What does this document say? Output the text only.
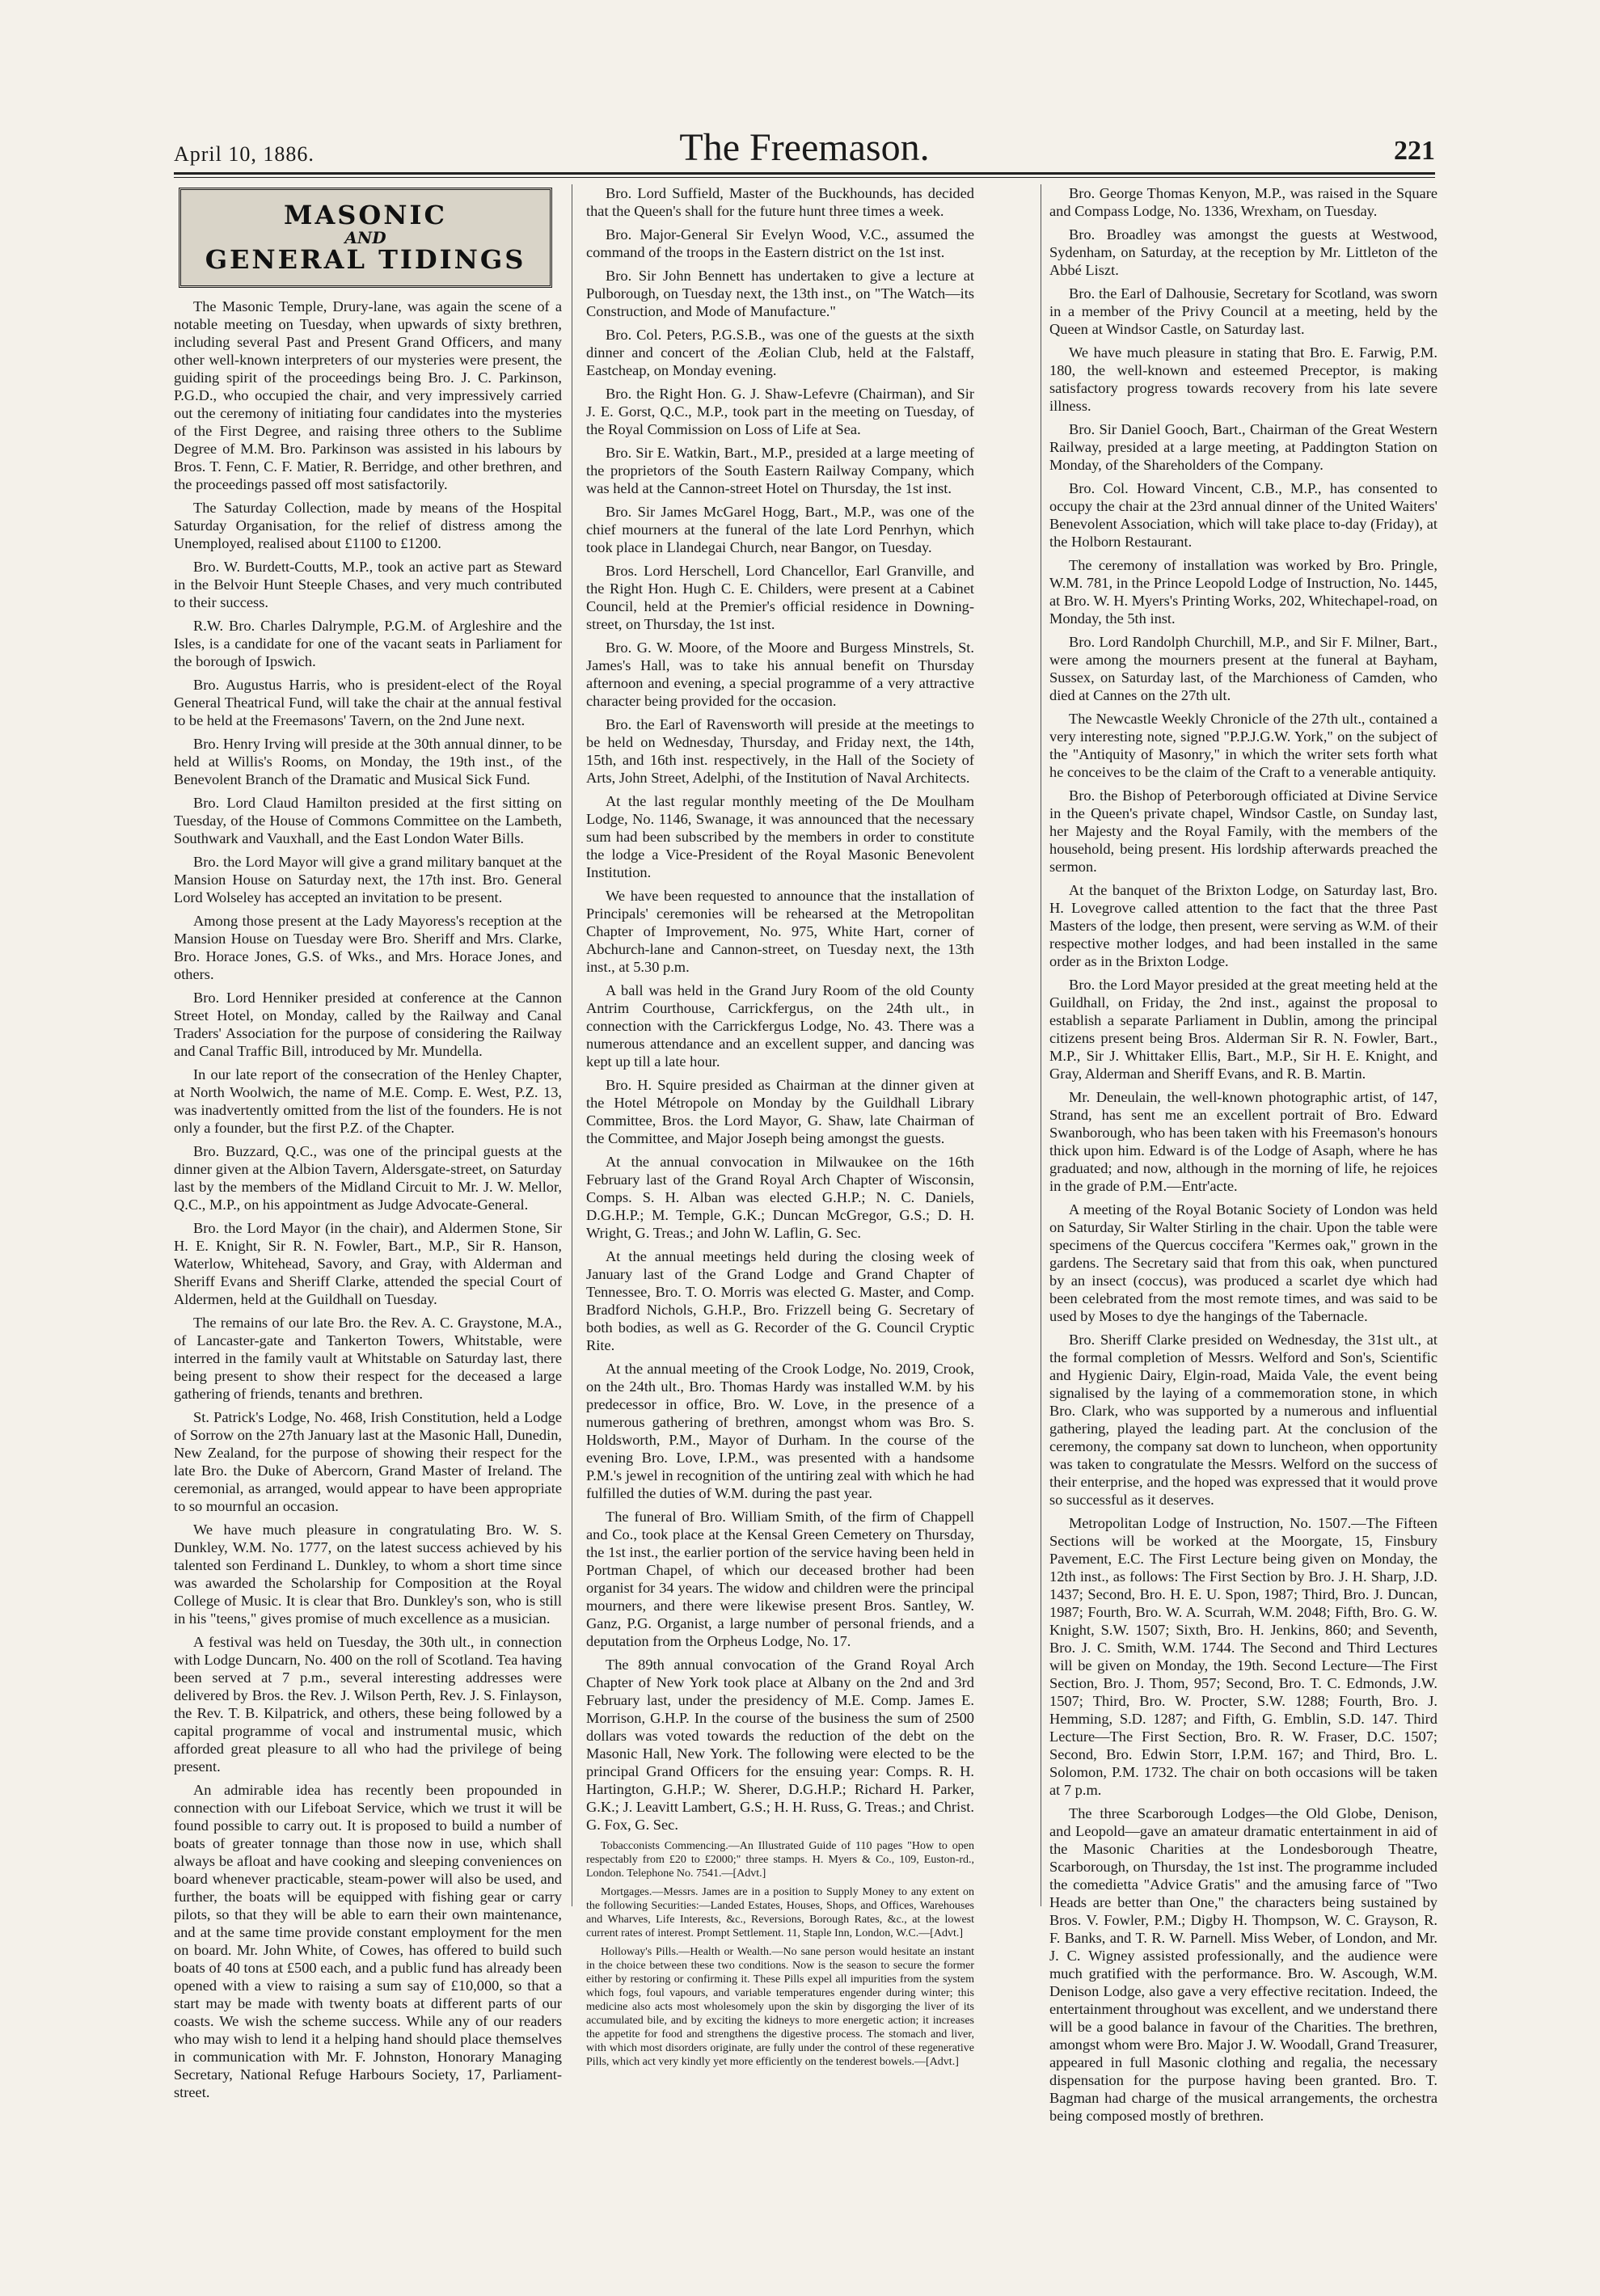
April 10, 1886.	The Freemason.	221
MASONIC
AND
GENERAL TIDINGS

The Masonic Temple, Drury-lane, was again the scene of a notable meeting on Tuesday, when upwards of sixty brethren, including several Past and Present Grand Officers, and many other well-known interpreters of our mysteries were present, the guiding spirit of the proceedings being Bro. J. C. Parkinson, P.G.D., who occupied the chair, and very impressively carried out the ceremony of initiating four candidates into the mysteries of the First Degree, and raising three others to the Sublime Degree of M.M. Bro. Parkinson was assisted in his labours by Bros. T. Fenn, C. F. Matier, R. Berridge, and other brethren, and the proceedings passed off most satisfactorily.

The Saturday Collection, made by means of the Hospital Saturday Organisation, for the relief of distress among the Unemployed, realised about £1100 to £1200.

Bro. W. Burdett-Coutts, M.P., took an active part as Steward in the Belvoir Hunt Steeple Chases, and very much contributed to their success.

R.W. Bro. Charles Dalrymple, P.G.M. of Argleshire and the Isles, is a candidate for one of the vacant seats in Parliament for the borough of Ipswich.

Bro. Augustus Harris, who is president-elect of the Royal General Theatrical Fund, will take the chair at the annual festival to be held at the Freemasons' Tavern, on the 2nd June next.

Bro. Henry Irving will preside at the 30th annual dinner, to be held at Willis's Rooms, on Monday, the 19th inst., of the Benevolent Branch of the Dramatic and Musical Sick Fund.

Bro. Lord Claud Hamilton presided at the first sitting on Tuesday, of the House of Commons Committee on the Lambeth, Southwark and Vauxhall, and the East London Water Bills.

Bro. the Lord Mayor will give a grand military banquet at the Mansion House on Saturday next, the 17th inst. Bro. General Lord Wolseley has accepted an invitation to be present.

Among those present at the Lady Mayoress's reception at the Mansion House on Tuesday were Bro. Sheriff and Mrs. Clarke, Bro. Horace Jones, G.S. of Wks., and Mrs. Horace Jones, and others.

Bro. Lord Henniker presided at conference at the Cannon Street Hotel, on Monday, called by the Railway and Canal Traders' Association for the purpose of considering the Railway and Canal Traffic Bill, introduced by Mr. Mundella.

In our late report of the consecration of the Henley Chapter, at North Woolwich, the name of M.E. Comp. E. West, P.Z. 13, was inadvertently omitted from the list of the founders. He is not only a founder, but the first P.Z. of the Chapter.

Bro. Buzzard, Q.C., was one of the principal guests at the dinner given at the Albion Tavern, Aldersgate-street, on Saturday last by the members of the Midland Circuit to Mr. J. W. Mellor, Q.C., M.P., on his appointment as Judge Advocate-General.

Bro. the Lord Mayor (in the chair), and Aldermen Stone, Sir H. E. Knight, Sir R. N. Fowler, Bart., M.P., Sir R. Hanson, Waterlow, Whitehead, Savory, and Gray, with Alderman and Sheriff Evans and Sheriff Clarke, attended the special Court of Aldermen, held at the Guildhall on Tuesday.

The remains of our late Bro. the Rev. A. C. Graystone, M.A., of Lancaster-gate and Tankerton Towers, Whitstable, were interred in the family vault at Whitstable on Saturday last, there being present to show their respect for the deceased a large gathering of friends, tenants and brethren.

St. Patrick's Lodge, No. 468, Irish Constitution, held a Lodge of Sorrow on the 27th January last at the Masonic Hall, Dunedin, New Zealand, for the purpose of showing their respect for the late Bro. the Duke of Abercorn, Grand Master of Ireland. The ceremonial, as arranged, would appear to have been appropriate to so mournful an occasion.

We have much pleasure in congratulating Bro. W. S. Dunkley, W.M. No. 1777, on the latest success achieved by his talented son Ferdinand L. Dunkley, to whom a short time since was awarded the Scholarship for Composition at the Royal College of Music. It is clear that Bro. Dunkley's son, who is still in his "teens," gives promise of much excellence as a musician.

A festival was held on Tuesday, the 30th ult., in connection with Lodge Duncarn, No. 400 on the roll of Scotland. Tea having been served at 7 p.m., several interesting addresses were delivered by Bros. the Rev. J. Wilson Perth, Rev. J. S. Finlayson, the Rev. T. B. Kilpatrick, and others, these being followed by a capital programme of vocal and instrumental music, which afforded great pleasure to all who had the privilege of being present.

An admirable idea has recently been propounded in connection with our Lifeboat Service, which we trust it will be found possible to carry out. It is proposed to build a number of boats of greater tonnage than those now in use, which shall always be afloat and have cooking and sleeping conveniences on board whenever practicable, steam-power will also be used, and further, the boats will be equipped with fishing gear or carry pilots, so that they will be able to earn their own maintenance, and at the same time provide constant employment for the men on board. Mr. John White, of Cowes, has offered to build such boats of 40 tons at £500 each, and a public fund has already been opened with a view to raising a sum say of £10,000, so that a start may be made with twenty boats at different parts of our coasts. We wish the scheme success. While any of our readers who may wish to lend it a helping hand should place themselves in communication with Mr. F. Johnston, Honorary Managing Secretary, National Refuge Harbours Society, 17, Parliament-street.

Bro. Lord Suffield, Master of the Buckhounds, has decided that the Queen's shall for the future hunt three times a week.

Bro. Major-General Sir Evelyn Wood, V.C., assumed the command of the troops in the Eastern district on the 1st inst.

Bro. Sir John Bennett has undertaken to give a lecture at Pulborough, on Tuesday next, the 13th inst., on "The Watch—its Construction, and Mode of Manufacture."

Bro. Col. Peters, P.G.S.B., was one of the guests at the sixth dinner and concert of the Æolian Club, held at the Falstaff, Eastcheap, on Monday evening.

Bro. the Right Hon. G. J. Shaw-Lefevre (Chairman), and Sir J. E. Gorst, Q.C., M.P., took part in the meeting on Tuesday, of the Royal Commission on Loss of Life at Sea.

Bro. Sir E. Watkin, Bart., M.P., presided at a large meeting of the proprietors of the South Eastern Railway Company, which was held at the Cannon-street Hotel on Thursday, the 1st inst.

Bro. Sir James McGarel Hogg, Bart., M.P., was one of the chief mourners at the funeral of the late Lord Penrhyn, which took place in Llandegai Church, near Bangor, on Tuesday.

Bros. Lord Herschell, Lord Chancellor, Earl Granville, and the Right Hon. Hugh C. E. Childers, were present at a Cabinet Council, held at the Premier's official residence in Downing-street, on Thursday, the 1st inst.

Bro. G. W. Moore, of the Moore and Burgess Minstrels, St. James's Hall, was to take his annual benefit on Thursday afternoon and evening, a special programme of a very attractive character being provided for the occasion.

Bro. the Earl of Ravensworth will preside at the meetings to be held on Wednesday, Thursday, and Friday next, the 14th, 15th, and 16th inst. respectively, in the Hall of the Society of Arts, John Street, Adelphi, of the Institution of Naval Architects.

At the last regular monthly meeting of the De Moulham Lodge, No. 1146, Swanage, it was announced that the necessary sum had been subscribed by the members in order to constitute the lodge a Vice-President of the Royal Masonic Benevolent Institution.

We have been requested to announce that the installation of Principals' ceremonies will be rehearsed at the Metropolitan Chapter of Improvement, No. 975, White Hart, corner of Abchurch-lane and Cannon-street, on Tuesday next, the 13th inst., at 5.30 p.m.

A ball was held in the Grand Jury Room of the old County Antrim Courthouse, Carrickfergus, on the 24th ult., in connection with the Carrickfergus Lodge, No. 43. There was a numerous attendance and an excellent supper, and dancing was kept up till a late hour.

Bro. H. Squire presided as Chairman at the dinner given at the Hotel Métropole on Monday by the Guildhall Library Committee, Bros. the Lord Mayor, G. Shaw, late Chairman of the Committee, and Major Joseph being amongst the guests.

At the annual convocation in Milwaukee on the 16th February last of the Grand Royal Arch Chapter of Wisconsin, Comps. S. H. Alban was elected G.H.P.; N. C. Daniels, D.G.H.P.; M. Temple, G.K.; Duncan McGregor, G.S.; D. H. Wright, G. Treas.; and John W. Laflin, G. Sec.

At the annual meetings held during the closing week of January last of the Grand Lodge and Grand Chapter of Tennessee, Bro. T. O. Morris was elected G. Master, and Comp. Bradford Nichols, G.H.P., Bro. Frizzell being G. Secretary of both bodies, as well as G. Recorder of the G. Council Cryptic Rite.

At the annual meeting of the Crook Lodge, No. 2019, Crook, on the 24th ult., Bro. Thomas Hardy was installed W.M. by his predecessor in office, Bro. W. Love, in the presence of a numerous gathering of brethren, amongst whom was Bro. S. Holdsworth, P.M., Mayor of Durham. In the course of the evening Bro. Love, I.P.M., was presented with a handsome P.M.'s jewel in recognition of the untiring zeal with which he had fulfilled the duties of W.M. during the past year.

The funeral of Bro. William Smith, of the firm of Chappell and Co., took place at the Kensal Green Cemetery on Thursday, the 1st inst., the earlier portion of the service having been held in Portman Chapel, of which our deceased brother had been organist for 34 years. The widow and children were the principal mourners, and there were likewise present Bros. Santley, W. Ganz, P.G. Organist, a large number of personal friends, and a deputation from the Orpheus Lodge, No. 17.

The 89th annual convocation of the Grand Royal Arch Chapter of New York took place at Albany on the 2nd and 3rd February last, under the presidency of M.E. Comp. James E. Morrison, G.H.P. In the course of the business the sum of 2500 dollars was voted towards the reduction of the debt on the Masonic Hall, New York. The following were elected to be the principal Grand Officers for the ensuing year: Comps. R. H. Hartington, G.H.P.; W. Sherer, D.G.H.P.; Richard H. Parker, G.K.; J. Leavitt Lambert, G.S.; H. H. Russ, G. Treas.; and Christ. G. Fox, G. Sec.

Tobacconists Commencing.—An Illustrated Guide of 110 pages "How to open respectably from £20 to £2000;" three stamps. H. Myers & Co., 109, Euston-rd., London. Telephone No. 7541.—[Advt.]

Mortgages.—Messrs. James are in a position to Supply Money to any extent on the following Securities:—Landed Estates, Houses, Shops, and Offices, Warehouses and Wharves, Life Interests, &c., Reversions, Borough Rates, &c., at the lowest current rates of interest. Prompt Settlement. 11, Staple Inn, London, W.C.—[Advt.]

Holloway's Pills.—Health or Wealth.—No sane person would hesitate an instant in the choice between these two conditions. Now is the season to secure the former either by restoring or confirming it. These Pills expel all impurities from the system which fogs, foul vapours, and variable temperatures engender during winter; this medicine also acts most wholesomely upon the skin by disgorging the liver of its accumulated bile, and by exciting the kidneys to more energetic action; it increases the appetite for food and strengthens the digestive process. The stomach and liver, with which most disorders originate, are fully under the control of these regenerative Pills, which act very kindly yet more efficiently on the tenderest bowels.—[Advt.]

Bro. George Thomas Kenyon, M.P., was raised in the Square and Compass Lodge, No. 1336, Wrexham, on Tuesday.

Bro. Broadley was amongst the guests at Westwood, Sydenham, on Saturday, at the reception by Mr. Littleton of the Abbé Liszt.

Bro. the Earl of Dalhousie, Secretary for Scotland, was sworn in a member of the Privy Council at a meeting, held by the Queen at Windsor Castle, on Saturday last.

We have much pleasure in stating that Bro. E. Farwig, P.M. 180, the well-known and esteemed Preceptor, is making satisfactory progress towards recovery from his late severe illness.

Bro. Sir Daniel Gooch, Bart., Chairman of the Great Western Railway, presided at a large meeting, at Paddington Station on Monday, of the Shareholders of the Company.

Bro. Col. Howard Vincent, C.B., M.P., has consented to occupy the chair at the 23rd annual dinner of the United Waiters' Benevolent Association, which will take place to-day (Friday), at the Holborn Restaurant.

The ceremony of installation was worked by Bro. Pringle, W.M. 781, in the Prince Leopold Lodge of Instruction, No. 1445, at Bro. W. H. Myers's Printing Works, 202, Whitechapel-road, on Monday, the 5th inst.

Bro. Lord Randolph Churchill, M.P., and Sir F. Milner, Bart., were among the mourners present at the funeral at Bayham, Sussex, on Saturday last, of the Marchioness of Camden, who died at Cannes on the 27th ult.

The Newcastle Weekly Chronicle of the 27th ult., contained a very interesting note, signed "P.P.J.G.W. York," on the subject of the "Antiquity of Masonry," in which the writer sets forth what he conceives to be the claim of the Craft to a venerable antiquity.

Bro. the Bishop of Peterborough officiated at Divine Service in the Queen's private chapel, Windsor Castle, on Sunday last, her Majesty and the Royal Family, with the members of the household, being present. His lordship afterwards preached the sermon.

At the banquet of the Brixton Lodge, on Saturday last, Bro. H. Lovegrove called attention to the fact that the three Past Masters of the lodge, then present, were serving as W.M. of their respective mother lodges, and had been installed in the same order as in the Brixton Lodge.

Bro. the Lord Mayor presided at the great meeting held at the Guildhall, on Friday, the 2nd inst., against the proposal to establish a separate Parliament in Dublin, among the principal citizens present being Bros. Alderman Sir R. N. Fowler, Bart., M.P., Sir J. Whittaker Ellis, Bart., M.P., Sir H. E. Knight, and Gray, Alderman and Sheriff Evans, and R. B. Martin.

Mr. Deneulain, the well-known photographic artist, of 147, Strand, has sent me an excellent portrait of Bro. Edward Swanborough, who has been taken with his Freemason's honours thick upon him. Edward is of the Lodge of Asaph, where he has graduated; and now, although in the morning of life, he rejoices in the grade of P.M.—Entr'acte.

A meeting of the Royal Botanic Society of London was held on Saturday, Sir Walter Stirling in the chair. Upon the table were specimens of the Quercus coccifera "Kermes oak," grown in the gardens. The Secretary said that from this oak, when punctured by an insect (coccus), was produced a scarlet dye which had been celebrated from the most remote times, and was said to be used by Moses to dye the hangings of the Tabernacle.

Bro. Sheriff Clarke presided on Wednesday, the 31st ult., at the formal completion of Messrs. Welford and Son's, Scientific and Hygienic Dairy, Elgin-road, Maida Vale, the event being signalised by the laying of a commemoration stone, in which Bro. Clark, who was supported by a numerous and influential gathering, played the leading part. At the conclusion of the ceremony, the company sat down to luncheon, when opportunity was taken to congratulate the Messrs. Welford on the success of their enterprise, and the hoped was expressed that it would prove so successful as it deserves.

Metropolitan Lodge of Instruction, No. 1507.—The Fifteen Sections will be worked at the Moorgate, 15, Finsbury Pavement, E.C. The First Lecture being given on Monday, the 12th inst., as follows: The First Section by Bro. J. H. Sharp, J.D. 1437; Second, Bro. H. E. U. Spon, 1987; Third, Bro. J. Duncan, 1987; Fourth, Bro. W. A. Scurrah, W.M. 2048; Fifth, Bro. G. W. Knight, S.W. 1507; Sixth, Bro. H. Jenkins, 860; and Seventh, Bro. J. C. Smith, W.M. 1744. The Second and Third Lectures will be given on Monday, the 19th. Second Lecture—The First Section, Bro. J. Thom, 957; Second, Bro. T. C. Edmonds, J.W. 1507; Third, Bro. W. Procter, S.W. 1288; Fourth, Bro. J. Hemming, S.D. 1287; and Fifth, G. Emblin, S.D. 147. Third Lecture—The First Section, Bro. R. W. Fraser, D.C. 1507; Second, Bro. Edwin Storr, I.P.M. 167; and Third, Bro. L. Solomon, P.M. 1732. The chair on both occasions will be taken at 7 p.m.

The three Scarborough Lodges—the Old Globe, Denison, and Leopold—gave an amateur dramatic entertainment in aid of the Masonic Charities at the Londesborough Theatre, Scarborough, on Thursday, the 1st inst. The programme included the comedietta "Advice Gratis" and the amusing farce of "Two Heads are better than One," the characters being sustained by Bros. V. Fowler, P.M.; Digby H. Thompson, W. C. Grayson, R. F. Banks, and T. R. W. Parnell. Miss Weber, of London, and Mr. J. C. Wigney assisted professionally, and the audience were much gratified with the performance. Bro. W. Ascough, W.M. Denison Lodge, also gave a very effective recitation. Indeed, the entertainment throughout was excellent, and we understand there will be a good balance in favour of the Charities. The brethren, amongst whom were Bro. Major J. W. Woodall, Grand Treasurer, appeared in full Masonic clothing and regalia, the necessary dispensation for the purpose having been granted. Bro. T. Bagman had charge of the musical arrangements, the orchestra being composed mostly of brethren.
